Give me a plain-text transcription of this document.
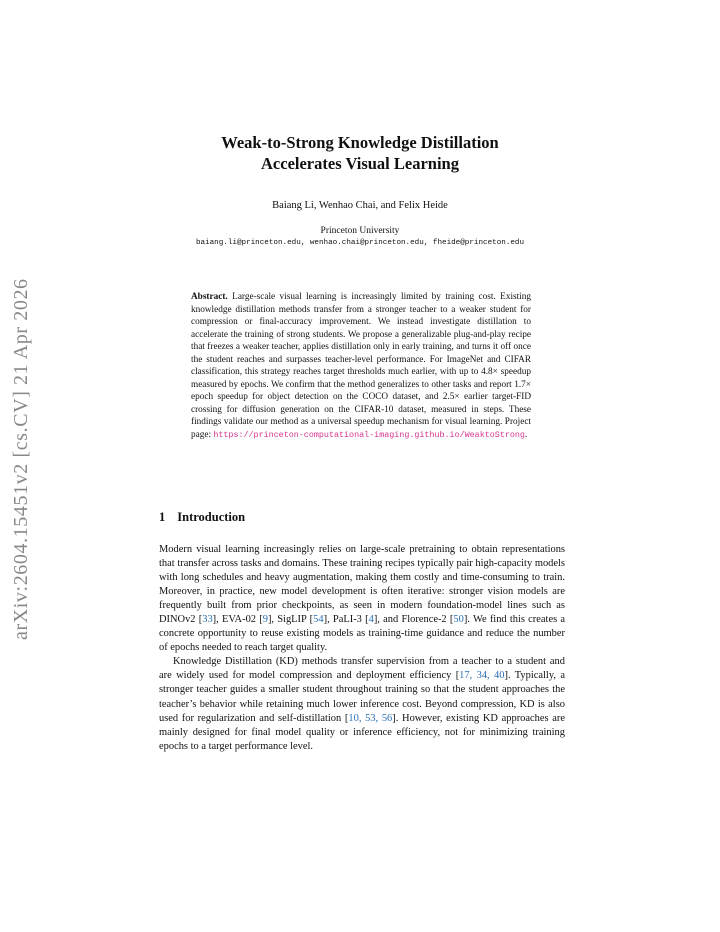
arXiv:2604.15451v2 [cs.CV] 21 Apr 2026
Weak-to-Strong Knowledge Distillation
Accelerates Visual Learning
Baiang Li, Wenhao Chai, and Felix Heide
Princeton University
baiang.li@princeton.edu, wenhao.chai@princeton.edu, fheide@princeton.edu
Abstract. Large-scale visual learning is increasingly limited by training cost. Existing knowledge distillation methods transfer from a stronger teacher to a weaker student for compression or final-accuracy improvement. We instead investigate distillation to accelerate the training of strong students. We propose a generalizable plug-and-play recipe that freezes a weaker teacher, applies distillation only in early training, and turns it off once the student reaches and surpasses teacher-level performance. For ImageNet and CIFAR classification, this strategy reaches target thresholds much earlier, with up to 4.8× speedup measured by epochs. We confirm that the method generalizes to other tasks and report 1.7× epoch speedup for object detection on the COCO dataset, and 2.5× earlier target-FID crossing for diffusion generation on the CIFAR-10 dataset, measured in steps. These findings validate our method as a universal speedup mechanism for visual learning. Project page: https://princeton-computational-imaging.github.io/WeaktoStrong.
1 Introduction

Modern visual learning increasingly relies on large-scale pretraining to obtain representations that transfer across tasks and domains. These training recipes typically pair high-capacity models with long schedules and heavy augmentation, making them costly and time-consuming to train. Moreover, in practice, new model development is often iterative: stronger vision models are frequently built from prior checkpoints, as seen in modern foundation-model lines such as DINOv2 [33], EVA-02 [9], SigLIP [54], PaLI-3 [4], and Florence-2 [50]. We find this creates a concrete opportunity to reuse existing models as training-time guidance and reduce the number of epochs needed to reach target quality.

Knowledge Distillation (KD) methods transfer supervision from a teacher to a student and are widely used for model compression and deployment efficiency [17, 34, 40]. Typically, a stronger teacher guides a smaller student throughout training so that the student approaches the teacher’s behavior while retaining much lower inference cost. Beyond compression, KD is also used for regularization and self-distillation [10, 53, 56]. However, existing KD approaches are mainly designed for final model quality or inference efficiency, not for minimizing training epochs to a target performance level.
